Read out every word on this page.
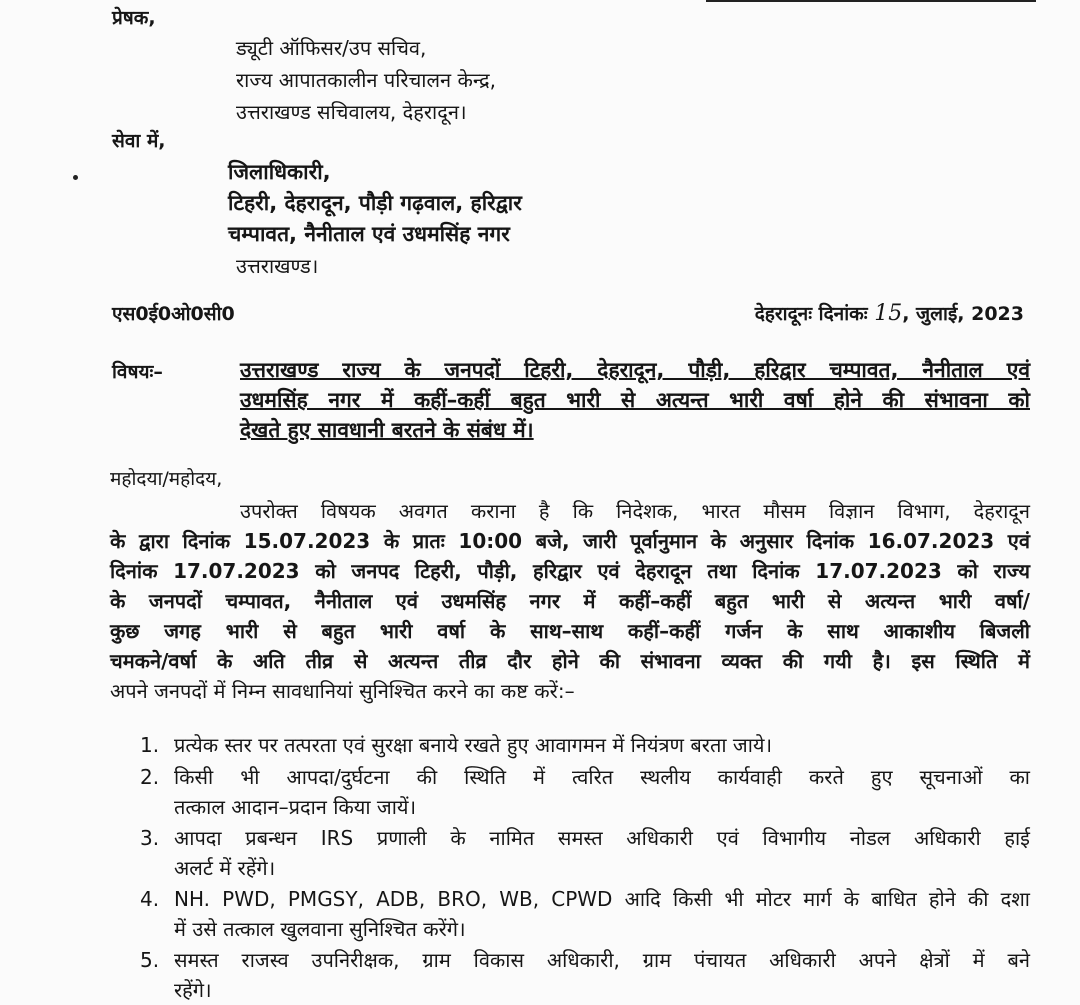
प्रेषक,
ड्यूटी ऑफिसर/उप सचिव,
राज्य आपातकालीन परिचालन केन्द्र,
उत्तराखण्ड सचिवालय, देहरादून।
सेवा में,
जिलाधिकारी,
टिहरी, देहरादून, पौड़ी गढ़वाल, हरिद्वार
चम्पावत, नैनीताल एवं उधमसिंह नगर
उत्तराखण्ड।
एस0ई0ओ0सी0	देहरादूनः दिनांकः 15, जुलाई, 2023
विषयः–	उत्तराखण्ड राज्य के जनपदों टिहरी, देहरादून, पौड़ी, हरिद्वार चम्पावत, नैनीताल एवं
उधमसिंह नगर में कहीं–कहीं बहुत भारी से अत्यन्त भारी वर्षा होने की संभावना को
देखते हुए सावधानी बरतने के संबंध में।
महोदया/महोदय,
उपरोक्त विषयक अवगत कराना है कि निदेशक, भारत मौसम विज्ञान विभाग, देहरादून
के द्वारा दिनांक 15.07.2023 के प्रातः 10:00 बजे, जारी पूर्वानुमान के अनुसार दिनांक 16.07.2023 एवं
दिनांक 17.07.2023 को जनपद टिहरी, पौड़ी, हरिद्वार एवं देहरादून तथा दिनांक 17.07.2023 को राज्य
के जनपदों चम्पावत, नैनीताल एवं उधमसिंह नगर में कहीं–कहीं बहुत भारी से अत्यन्त भारी वर्षा/
कुछ जगह भारी से बहुत भारी वर्षा के साथ–साथ कहीं–कहीं गर्जन के साथ आकाशीय बिजली
चमकने/वर्षा के अति तीव्र से अत्यन्त तीव्र दौर होने की संभावना व्यक्त की गयी है। इस स्थिति में
अपने जनपदों में निम्न सावधानियां सुनिश्चित करने का कष्ट करें:–
1. प्रत्येक स्तर पर तत्परता एवं सुरक्षा बनाये रखते हुए आवागमन में नियंत्रण बरता जाये।
2. किसी भी आपदा/दुर्घटना की स्थिति में त्वरित स्थलीय कार्यवाही करते हुए सूचनाओं का
तत्काल आदान–प्रदान किया जायें।
3. आपदा प्रबन्धन IRS प्रणाली के नामित समस्त अधिकारी एवं विभागीय नोडल अधिकारी हाई
अलर्ट में रहेंगे।
4. NH. PWD, PMGSY, ADB, BRO, WB, CPWD आदि किसी भी मोटर मार्ग के बाधित होने की दशा
में उसे तत्काल खुलवाना सुनिश्चित करेंगे।
5. समस्त राजस्व उपनिरीक्षक, ग्राम विकास अधिकारी, ग्राम पंचायत अधिकारी अपने क्षेत्रों में बने
रहेंगे।
